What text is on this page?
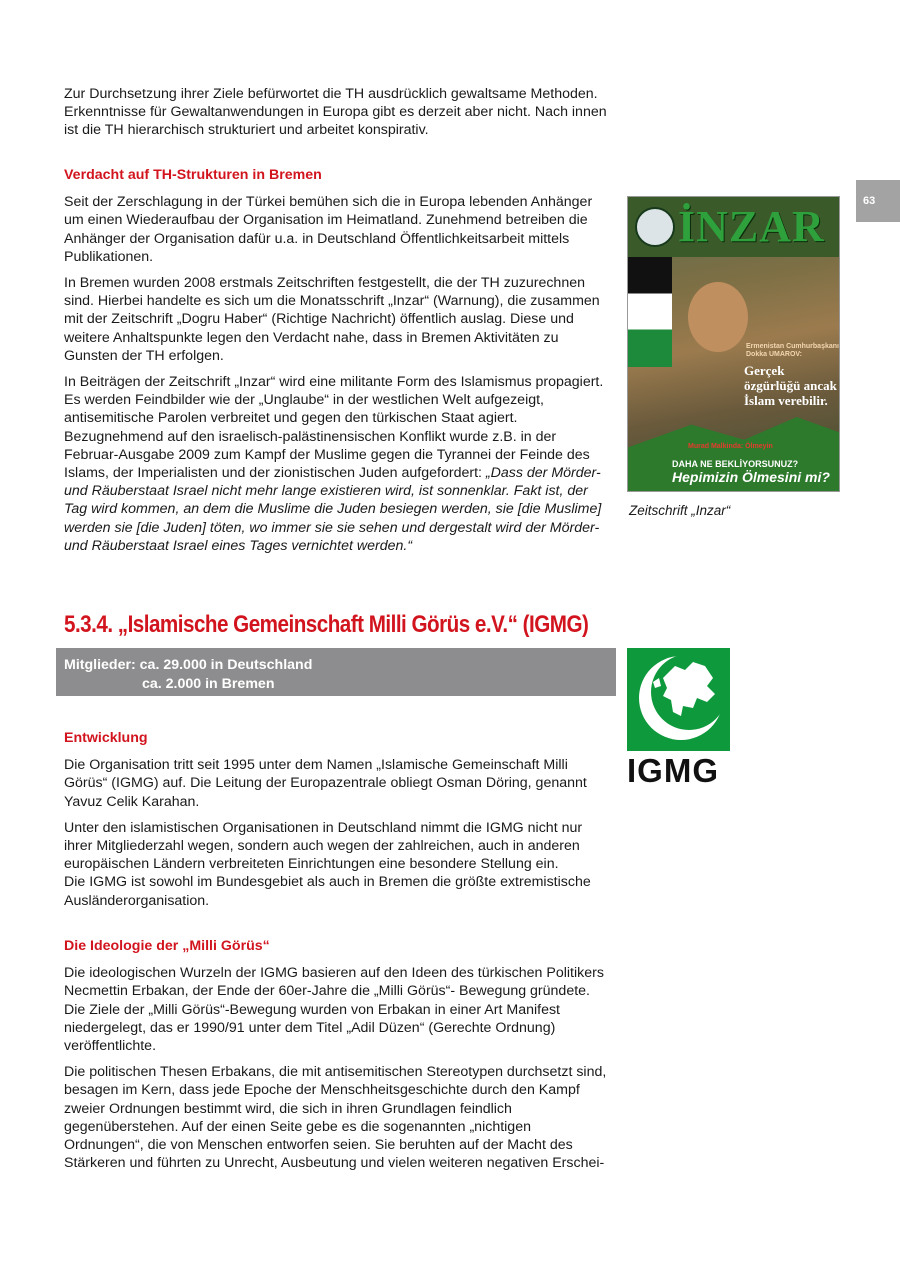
63

Zur Durchsetzung ihrer Ziele befürwortet die TH ausdrücklich gewaltsame Methoden. Erkenntnisse für Gewaltanwendungen in Europa gibt es derzeit aber nicht. Nach innen ist die TH hierarchisch strukturiert und arbeitet konspirativ.

Verdacht auf TH-Strukturen in Bremen

Seit der Zerschlagung in der Türkei bemühen sich die in Europa lebenden Anhänger um einen Wiederaufbau der Organisation im Heimatland. Zunehmend betreiben die Anhänger der Organisation dafür u.a. in Deutschland Öffentlichkeitsarbeit mittels Publikationen.

In Bremen wurden 2008 erstmals Zeitschriften festgestellt, die der TH zuzurechnen sind. Hierbei handelte es sich um die Monatsschrift „Inzar“ (Warnung), die zusammen mit der Zeitschrift „Dogru Haber“ (Richtige Nachricht) öffentlich auslag. Diese und weitere Anhaltspunkte legen den Verdacht nahe, dass in Bremen Aktivitäten zu Gunsten der TH erfolgen.

In Beiträgen der Zeitschrift „Inzar“ wird eine militante Form des Islamismus propagiert. Es werden Feindbilder wie der „Unglaube“ in der westlichen Welt aufgezeigt, antisemitische Parolen verbreitet und gegen den türkischen Staat agiert. Bezugnehmend auf den israelisch-palästinensischen Konflikt wurde z.B. in der Februar-Ausgabe 2009 zum Kampf der Muslime gegen die Tyrannei der Feinde des Islams, der Imperialisten und der zionistischen Juden aufgefordert: „Dass der Mörder- und Räuberstaat Israel nicht mehr lange existieren wird, ist sonnenklar. Fakt ist, der Tag wird kommen, an dem die Muslime die Juden besiegen werden, sie [die Muslime] werden sie [die Juden] töten, wo immer sie sie sehen und dergestalt wird der Mörder- und Räuberstaat Israel eines Tages vernichtet werden.“

İNZAR
Ermenistan Cumhurbaşkanı Dokka UMAROV:
Gerçek özgürlüğü ancak İslam verebilir.
Murad Malkinda: Ölmeyin
DAHA NE BEKLİYORSUNUZ?
Hepimizin Ölmesini mi?
Zeitschrift „Inzar“
5.3.4. „Islamische Gemeinschaft Milli Görüs e.V.“ (IGMG)
Mitglieder: ca. 29.000 in Deutschland
ca. 2.000 in Bremen
IGMG
Entwicklung

Die Organisation tritt seit 1995 unter dem Namen „Islamische Gemeinschaft Milli Görüs“ (IGMG) auf. Die Leitung der Europazentrale obliegt Osman Döring, genannt Yavuz Celik Karahan.

Unter den islamistischen Organisationen in Deutschland nimmt die IGMG nicht nur ihrer Mitgliederzahl wegen, sondern auch wegen der zahlreichen, auch in anderen europäischen Ländern verbreiteten Einrichtungen eine besondere Stellung ein.
Die IGMG ist sowohl im Bundesgebiet als auch in Bremen die größte extremistische Ausländerorganisation.

Die Ideologie der „Milli Görüs“

Die ideologischen Wurzeln der IGMG basieren auf den Ideen des türkischen Politikers Necmettin Erbakan, der Ende der 60er-Jahre die „Milli Görüs“- Bewegung gründete. Die Ziele der „Milli Görüs“-Bewegung wurden von Erbakan in einer Art Manifest niedergelegt, das er 1990/91 unter dem Titel „Adil Düzen“ (Gerechte Ordnung) veröffentlichte.

Die politischen Thesen Erbakans, die mit antisemitischen Stereotypen durchsetzt sind, besagen im Kern, dass jede Epoche der Menschheitsgeschichte durch den Kampf zweier Ordnungen bestimmt wird, die sich in ihren Grundlagen feindlich gegenüberstehen. Auf der einen Seite gebe es die sogenannten „nichtigen Ordnungen“, die von Menschen entworfen seien. Sie beruhten auf der Macht des Stärkeren und führten zu Unrecht, Ausbeutung und vielen weiteren negativen Erschei-
